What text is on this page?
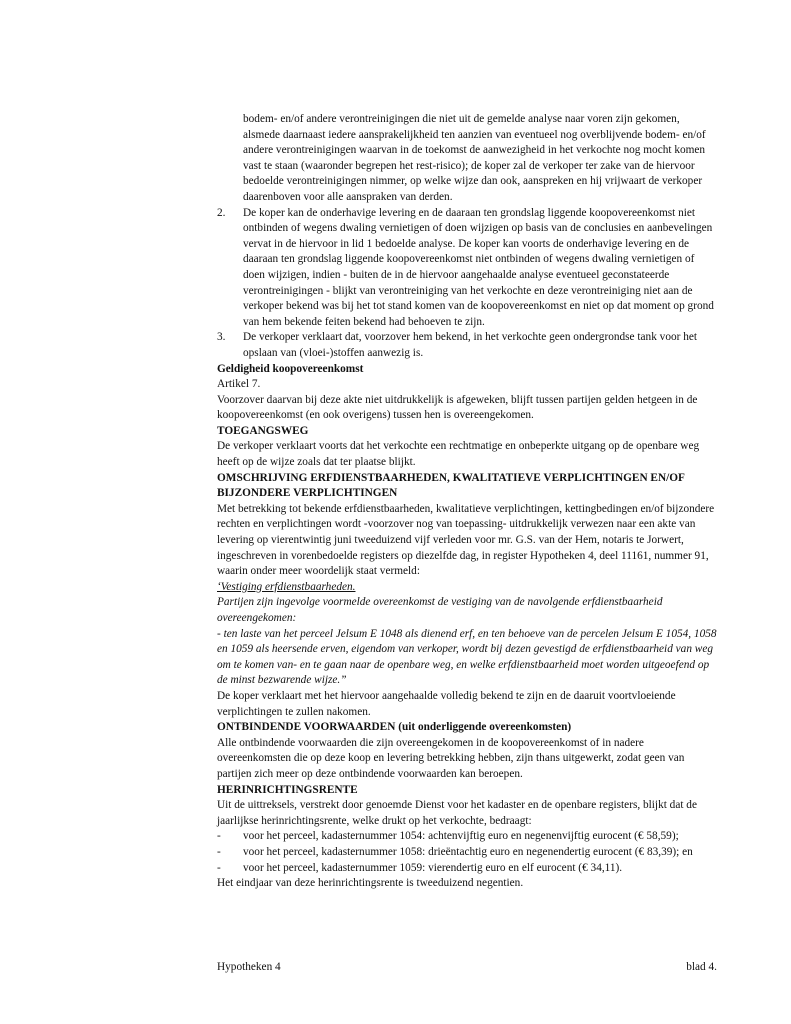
bodem- en/of andere verontreinigingen die niet uit de gemelde analyse naar voren zijn gekomen, alsmede daarnaast iedere aansprakelijkheid ten aanzien van eventueel nog overblijvende bodem- en/of andere verontreinigingen waarvan in de toekomst de aanwezigheid in het verkochte nog mocht komen vast te staan (waaronder begrepen het rest-risico); de koper zal de verkoper ter zake van de hiervoor bedoelde verontreinigingen nimmer, op welke wijze dan ook, aanspreken en hij vrijwaart de verkoper daarenboven voor alle aanspraken van derden.

2. De koper kan de onderhavige levering en de daaraan ten grondslag liggende koopovereenkomst niet ontbinden of wegens dwaling vernietigen of doen wijzigen op basis van de conclusies en aanbevelingen vervat in de hiervoor in lid 1 bedoelde analyse. De koper kan voorts de onderhavige levering en de daaraan ten grondslag liggende koopovereenkomst niet ontbinden of wegens dwaling vernietigen of doen wijzigen, indien - buiten de in de hiervoor aangehaalde analyse eventueel geconstateerde verontreinigingen - blijkt van verontreiniging van het verkochte en deze verontreiniging niet aan de verkoper bekend was bij het tot stand komen van de koopovereenkomst en niet op dat moment op grond van hem bekende feiten bekend had behoeven te zijn.

3. De verkoper verklaart dat, voorzover hem bekend, in het verkochte geen ondergrondse tank voor het opslaan van (vloei-)stoffen aanwezig is.

Geldigheid koopovereenkomst

Artikel 7.

Voorzover daarvan bij deze akte niet uitdrukkelijk is afgeweken, blijft tussen partijen gelden hetgeen in de koopovereenkomst (en ook overigens) tussen hen is overeengekomen.

TOEGANGSWEG

De verkoper verklaart voorts dat het verkochte een rechtmatige en onbeperkte uitgang op de openbare weg heeft op de wijze zoals dat ter plaatse blijkt.

OMSCHRIJVING ERFDIENSTBAARHEDEN, KWALITATIEVE VERPLICHTINGEN EN/OF BIJZONDERE VERPLICHTINGEN

Met betrekking tot bekende erfdienstbaarheden, kwalitatieve verplichtingen, kettingbedingen en/of bijzondere rechten en verplichtingen wordt -voorzover nog van toepassing- uitdrukkelijk verwezen naar een akte van levering op vierentwintig juni tweeduizend vijf verleden voor mr. G.S. van der Hem, notaris te Jorwert, ingeschreven in vorenbedoelde registers op diezelfde dag, in register Hypotheken 4, deel 11161, nummer 91, waarin onder meer woordelijk staat vermeld:

‘Vestiging erfdienstbaarheden.

Partijen zijn ingevolge voormelde overeenkomst de vestiging van de navolgende erfdienstbaarheid overeengekomen:

- ten laste van het perceel Jelsum E 1048 als dienend erf, en ten behoeve van de percelen Jelsum E 1054, 1058 en 1059 als heersende erven, eigendom van verkoper, wordt bij dezen gevestigd de erfdienstbaarheid van weg om te komen van- en te gaan naar de openbare weg, en welke erfdienstbaarheid moet worden uitgeoefend op de minst bezwarende wijze.”

De koper verklaart met het hiervoor aangehaalde volledig bekend te zijn en de daaruit voortvloeiende verplichtingen te zullen nakomen.

ONTBINDENDE VOORWAARDEN (uit onderliggende overeenkomsten)

Alle ontbindende voorwaarden die zijn overeengekomen in de koopovereenkomst of in nadere overeenkomsten die op deze koop en levering betrekking hebben, zijn thans uitgewerkt, zodat geen van partijen zich meer op deze ontbindende voorwaarden kan beroepen.

HERINRICHTINGSRENTE

Uit de uittreksels, verstrekt door genoemde Dienst voor het kadaster en de openbare registers, blijkt dat de jaarlijkse herinrichtingsrente, welke drukt op het verkochte, bedraagt:

- voor het perceel, kadasternummer 1054: achtenvijftig euro en negenenvijftig eurocent (€ 58,59);

- voor het perceel, kadasternummer 1058: drieëntachtig euro en negenendertig eurocent (€ 83,39); en

- voor het perceel, kadasternummer 1059: vierendertig euro en elf eurocent (€ 34,11).

Het eindjaar van deze herinrichtingsrente is tweeduizend negentien.

Hypotheken 4	blad 4.
